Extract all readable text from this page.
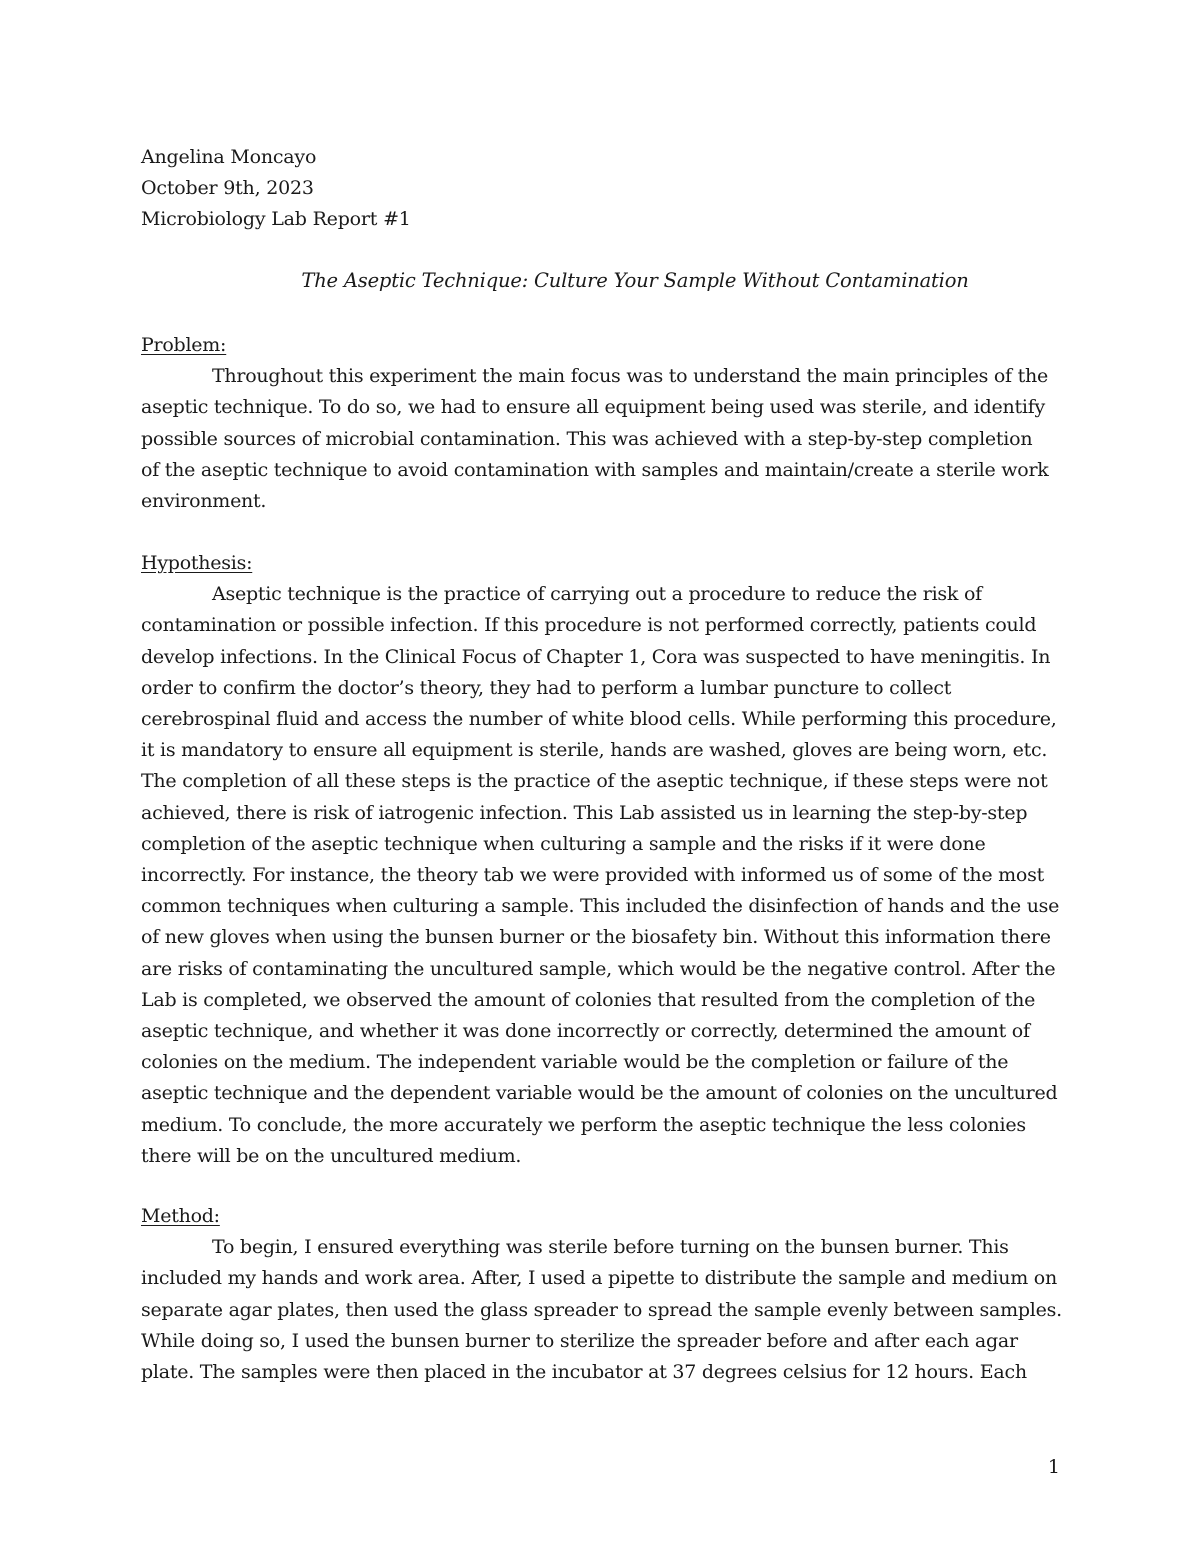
Angelina Moncayo
October 9th, 2023
Microbiology Lab Report #1
The Aseptic Technique: Culture Your Sample Without Contamination
Problem:
Throughout this experiment the main focus was to understand the main principles of the
aseptic technique. To do so, we had to ensure all equipment being used was sterile, and identify
possible sources of microbial contamination. This was achieved with a step-by-step completion
of the aseptic technique to avoid contamination with samples and maintain/create a sterile work
environment.
Hypothesis:
Aseptic technique is the practice of carrying out a procedure to reduce the risk of
contamination or possible infection. If this procedure is not performed correctly, patients could
develop infections. In the Clinical Focus of Chapter 1, Cora was suspected to have meningitis. In
order to confirm the doctor’s theory, they had to perform a lumbar puncture to collect
cerebrospinal fluid and access the number of white blood cells. While performing this procedure,
it is mandatory to ensure all equipment is sterile, hands are washed, gloves are being worn, etc.
The completion of all these steps is the practice of the aseptic technique, if these steps were not
achieved, there is risk of iatrogenic infection. This Lab assisted us in learning the step-by-step
completion of the aseptic technique when culturing a sample and the risks if it were done
incorrectly. For instance, the theory tab we were provided with informed us of some of the most
common techniques when culturing a sample. This included the disinfection of hands and the use
of new gloves when using the bunsen burner or the biosafety bin. Without this information there
are risks of contaminating the uncultured sample, which would be the negative control. After the
Lab is completed, we observed the amount of colonies that resulted from the completion of the
aseptic technique, and whether it was done incorrectly or correctly, determined the amount of
colonies on the medium. The independent variable would be the completion or failure of the
aseptic technique and the dependent variable would be the amount of colonies on the uncultured
medium. To conclude, the more accurately we perform the aseptic technique the less colonies
there will be on the uncultured medium.
Method:
To begin, I ensured everything was sterile before turning on the bunsen burner. This
included my hands and work area. After, I used a pipette to distribute the sample and medium on
separate agar plates, then used the glass spreader to spread the sample evenly between samples.
While doing so, I used the bunsen burner to sterilize the spreader before and after each agar
plate. The samples were then placed in the incubator at 37 degrees celsius for 12 hours. Each
1
